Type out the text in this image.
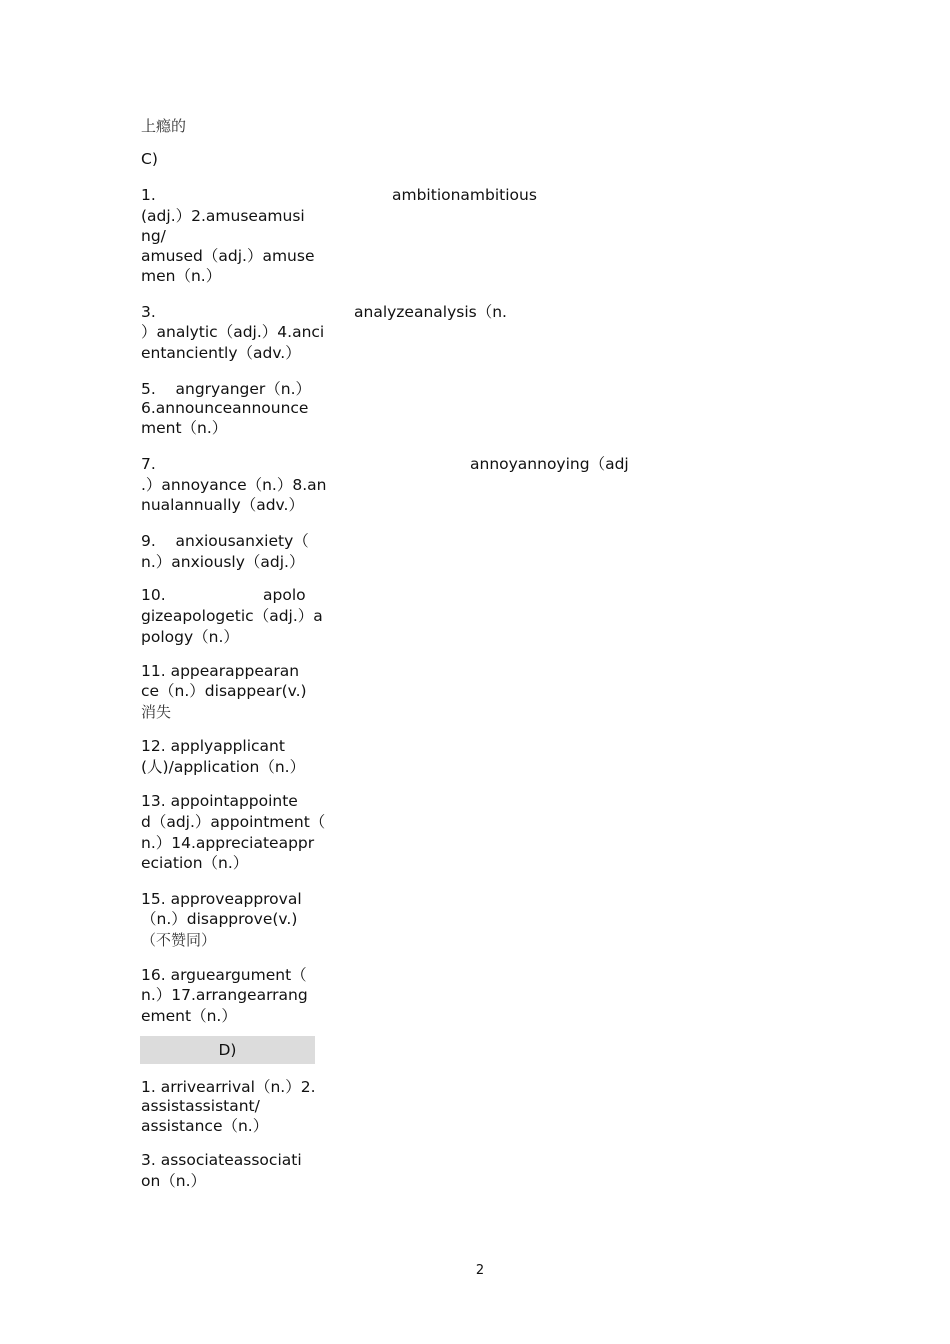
上瘾的
C)
1.	ambitionambitious
(adj.）2.amuseamusi
ng/
amused（adj.）amuse
men（n.）
3.	analyzeanalysis（n.
）analytic（adj.）4.anci
entanciently（adv.）
5.    angryanger（n.）
6.announceannounce
ment（n.）
7.	annoyannoying（adj
.）annoyance（n.）8.an
nualannually（adv.）
9.    anxiousanxiety（
n.）anxiously（adj.）
10.	apolo
gizeapologetic（adj.）a
pology（n.）
11. appearappearan
ce（n.）disappear(v.)
消失
12. applyapplicant
(人)/application（n.）
13. appointappointe
d（adj.）appointment（
n.）14.appreciateappr
eciation（n.）
15. approveapproval
（n.）disapprove(v.)
（不赞同）
16. argueargument（
n.）17.arrangearrang
ement（n.）
D)
1. arrivearrival（n.）2.
assistassistant/
assistance（n.）
3. associateassociati
on（n.）
2
